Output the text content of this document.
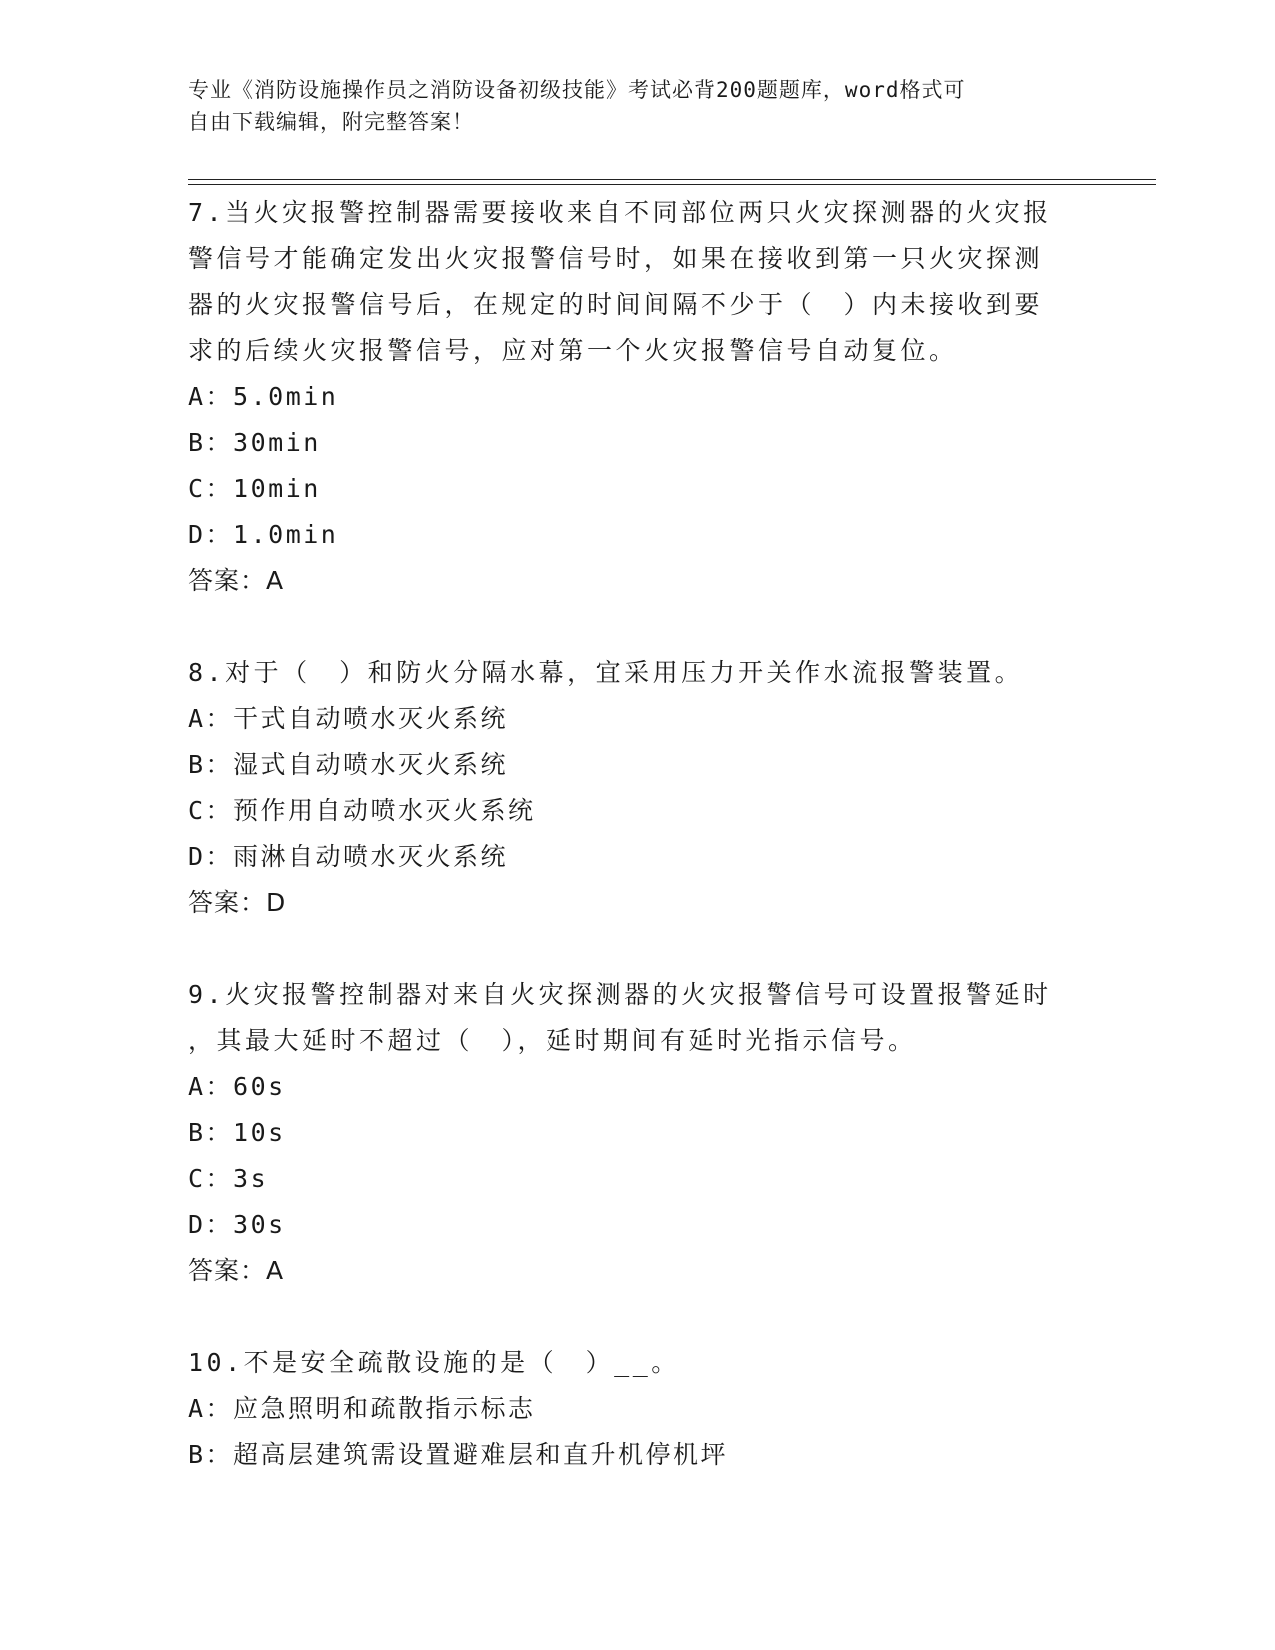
专业《消防设施操作员之消防设备初级技能》考试必背200题题库，word格式可
自由下载编辑，附完整答案！

7.当火灾报警控制器需要接收来自不同部位两只火灾探测器的火灾报

警信号才能确定发出火灾报警信号时，如果在接收到第一只火灾探测

器的火灾报警信号后，在规定的时间间隔不少于（　）内未接收到要

求的后续火灾报警信号，应对第一个火灾报警信号自动复位。

A：5.0min

B：30min

C：10min

D：1.0min

答案：A

8.对于（　）和防火分隔水幕，宜采用压力开关作水流报警装置。

A：干式自动喷水灭火系统

B：湿式自动喷水灭火系统

C：预作用自动喷水灭火系统

D：雨淋自动喷水灭火系统

答案：D

9.火灾报警控制器对来自火灾探测器的火灾报警信号可设置报警延时

，其最大延时不超过（　），延时期间有延时光指示信号。

A：60s

B：10s

C：3s

D：30s

答案：A

10.不是安全疏散设施的是（　）__。

A：应急照明和疏散指示标志

B：超高层建筑需设置避难层和直升机停机坪
